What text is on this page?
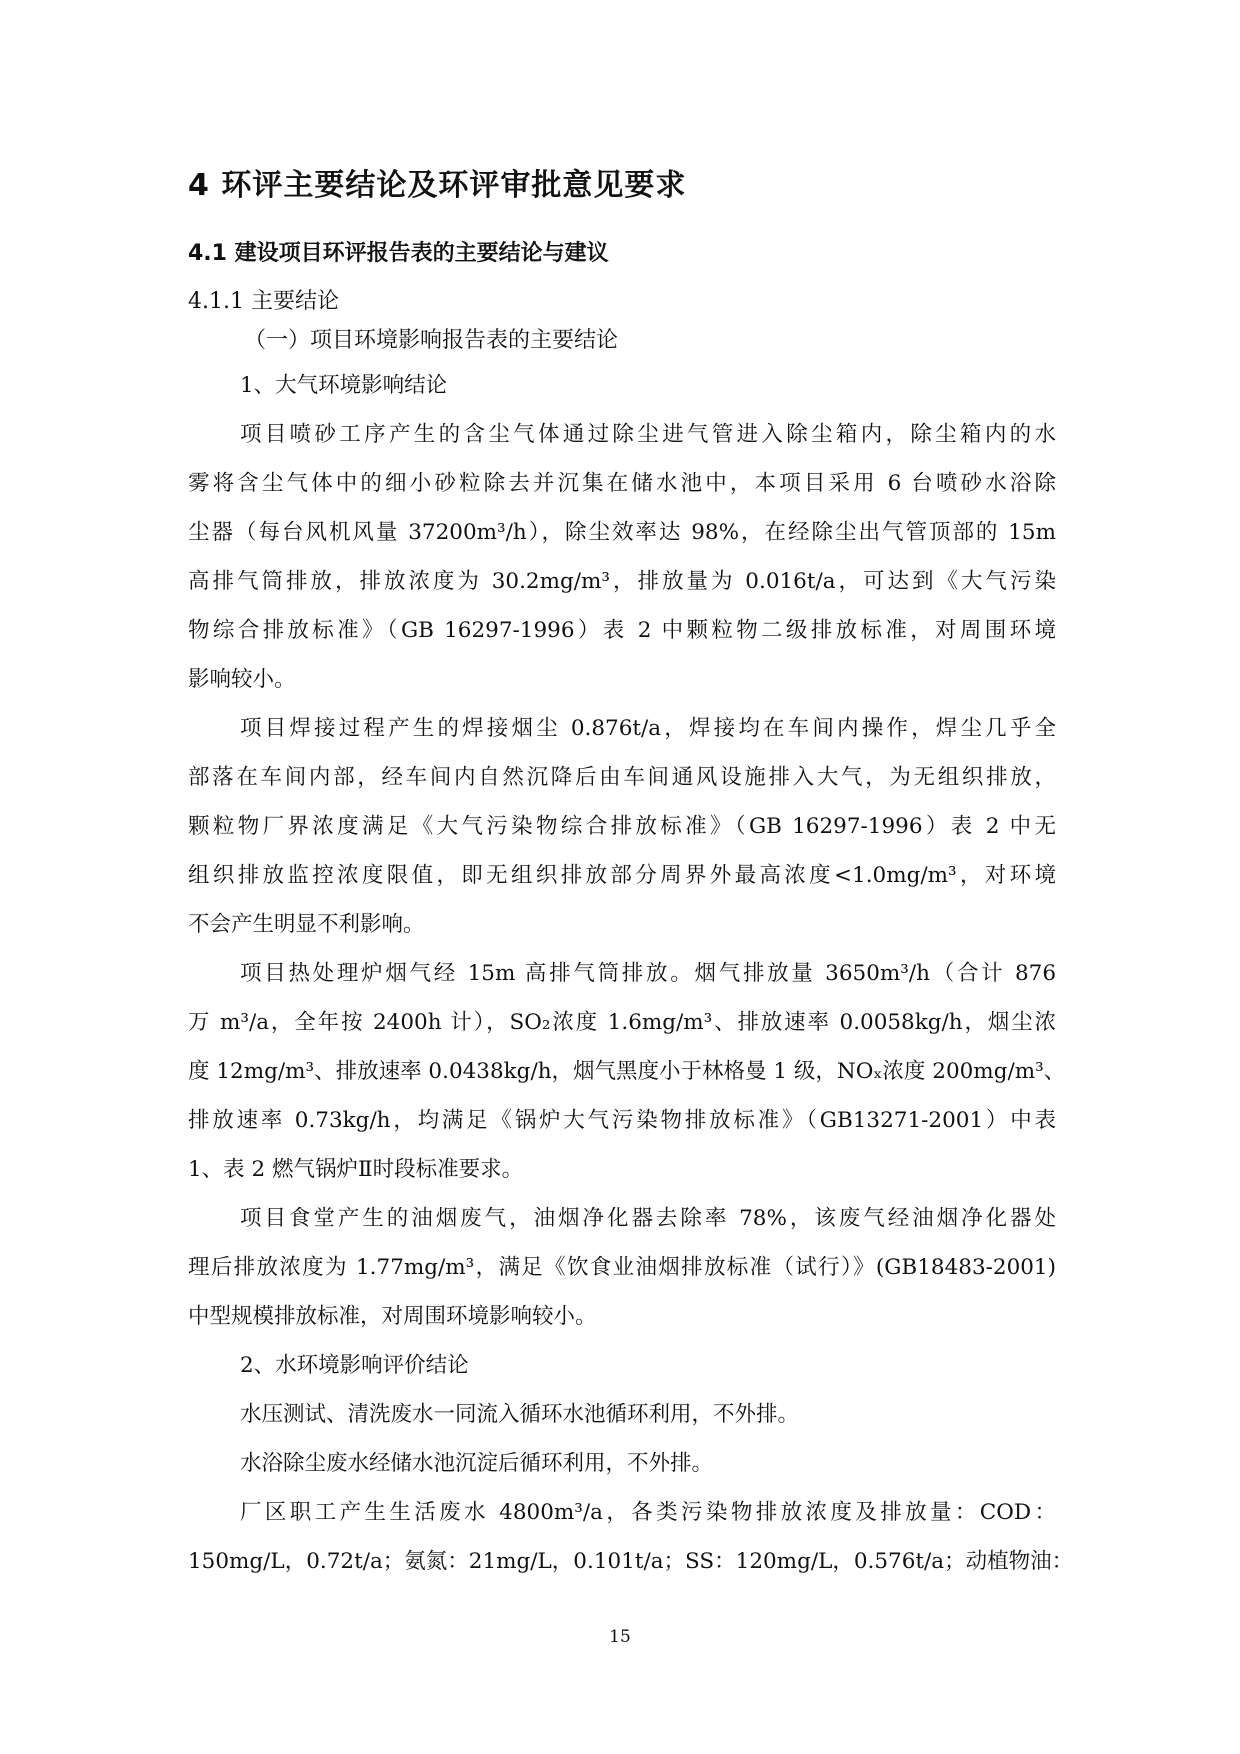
4 环评主要结论及环评审批意见要求
4.1 建设项目环评报告表的主要结论与建议
4.1.1 主要结论
（一）项目环境影响报告表的主要结论
1、大气环境影响结论
项目喷砂工序产生的含尘气体通过除尘进气管进入除尘箱内，除尘箱内的水
雾将含尘气体中的细小砂粒除去并沉集在储水池中，本项目采用 6 台喷砂水浴除
尘器（每台风机风量 37200m³/h），除尘效率达 98%，在经除尘出气管顶部的 15m
高排气筒排放，排放浓度为 30.2mg/m³，排放量为 0.016t/a，可达到《大气污染
物综合排放标准》（GB 16297-1996）表 2 中颗粒物二级排放标准，对周围环境
影响较小。
项目焊接过程产生的焊接烟尘 0.876t/a，焊接均在车间内操作，焊尘几乎全
部落在车间内部，经车间内自然沉降后由车间通风设施排入大气，为无组织排放，
颗粒物厂界浓度满足《大气污染物综合排放标准》（GB 16297-1996）表 2 中无
组织排放监控浓度限值，即无组织排放部分周界外最高浓度<1.0mg/m³，对环境
不会产生明显不利影响。
项目热处理炉烟气经 15m 高排气筒排放。烟气排放量 3650m³/h（合计 876
万 m³/a，全年按 2400h 计），SO₂浓度 1.6mg/m³、排放速率 0.0058kg/h，烟尘浓
度 12mg/m³、排放速率 0.0438kg/h，烟气黑度小于林格曼 1 级，NOₓ浓度 200mg/m³、
排放速率 0.73kg/h，均满足《锅炉大气污染物排放标准》（GB13271-2001）中表
1、表 2 燃气锅炉Ⅱ时段标准要求。
项目食堂产生的油烟废气，油烟净化器去除率 78%，该废气经油烟净化器处
理后排放浓度为 1.77mg/m³，满足《饮食业油烟排放标准（试行）》(GB18483-2001)
中型规模排放标准，对周围环境影响较小。
2、水环境影响评价结论
水压测试、清洗废水一同流入循环水池循环利用，不外排。
水浴除尘废水经储水池沉淀后循环利用，不外排。
厂区职工产生生活废水 4800m³/a，各类污染物排放浓度及排放量：COD：
150mg/L，0.72t/a；氨氮：21mg/L，0.101t/a；SS：120mg/L，0.576t/a；动植物油：
15
